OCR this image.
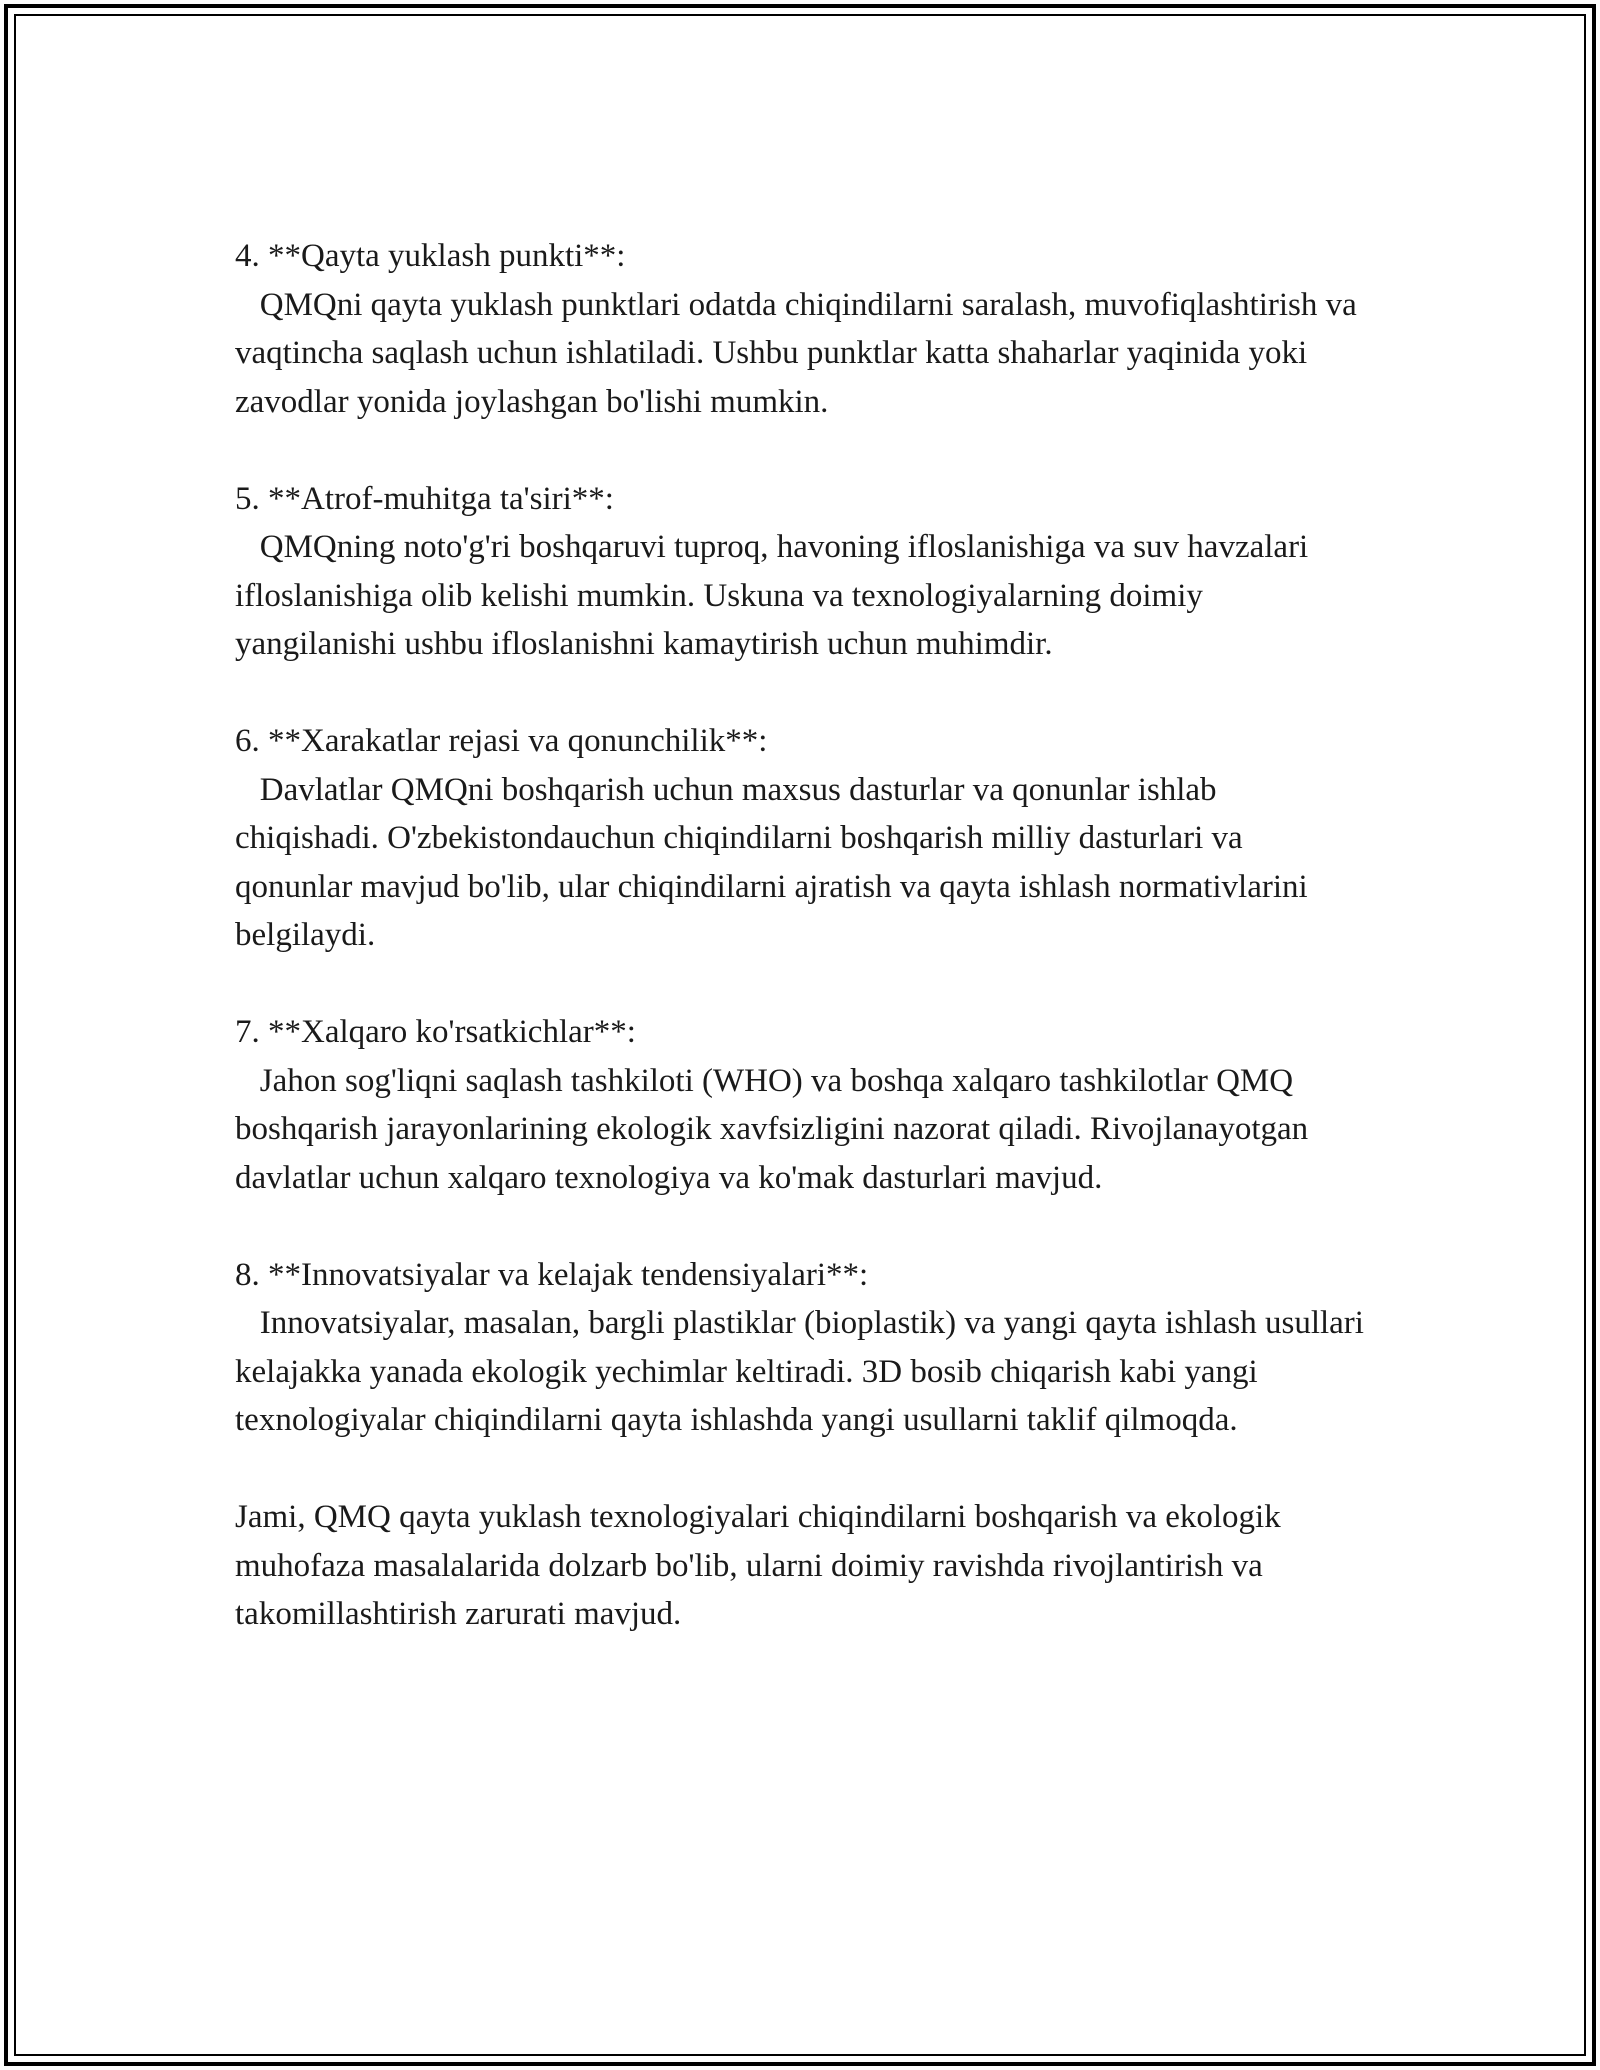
4. **Qayta yuklash punkti**:
QMQni qayta yuklash punktlari odatda chiqindilarni saralash, muvofiqlashtirish va vaqtincha saqlash uchun ishlatiladi. Ushbu punktlar katta shaharlar yaqinida yoki zavodlar yonida joylashgan bo'lishi mumkin.
5. **Atrof-muhitga ta'siri**:
QMQning noto'g'ri boshqaruvi tuproq, havoning ifloslanishiga va suv havzalari ifloslanishiga olib kelishi mumkin. Uskuna va texnologiyalarning doimiy yangilanishi ushbu ifloslanishni kamaytirish uchun muhimdir.
6. **Xarakatlar rejasi va qonunchilik**:
Davlatlar QMQni boshqarish uchun maxsus dasturlar va qonunlar ishlab chiqishadi. O'zbekistondauchun chiqindilarni boshqarish milliy dasturlari va qonunlar mavjud bo'lib, ular chiqindilarni ajratish va qayta ishlash normativlarini belgilaydi.
7. **Xalqaro ko'rsatkichlar**:
Jahon sog'liqni saqlash tashkiloti (WHO) va boshqa xalqaro tashkilotlar QMQ boshqarish jarayonlarining ekologik xavfsizligini nazorat qiladi. Rivojlanayotgan davlatlar uchun xalqaro texnologiya va ko'mak dasturlari mavjud.
8. **Innovatsiyalar va kelajak tendensiyalari**:
Innovatsiyalar, masalan, bargli plastiklar (bioplastik) va yangi qayta ishlash usullari kelajakka yanada ekologik yechimlar keltiradi. 3D bosib chiqarish kabi yangi texnologiyalar chiqindilarni qayta ishlashda yangi usullarni taklif qilmoqda.
Jami, QMQ qayta yuklash texnologiyalari chiqindilarni boshqarish va ekologik muhofaza masalalarida dolzarb bo'lib, ularni doimiy ravishda rivojlantirish va takomillashtirish zarurati mavjud.
